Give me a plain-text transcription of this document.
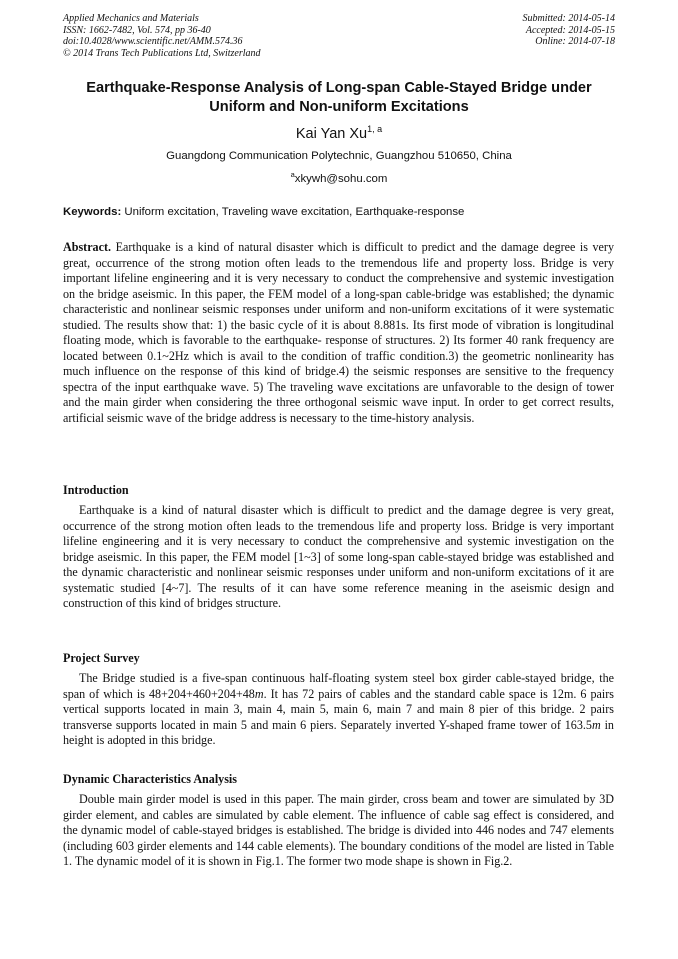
Applied Mechanics and Materials
ISSN: 1662-7482, Vol. 574, pp 36-40
doi:10.4028/www.scientific.net/AMM.574.36
© 2014 Trans Tech Publications Ltd, Switzerland
Submitted: 2014-05-14
Accepted: 2014-05-15
Online: 2014-07-18
Earthquake-Response Analysis of Long-span Cable-Stayed Bridge under Uniform and Non-uniform Excitations
Kai Yan Xu$^{1, a}$
Guangdong Communication Polytechnic, Guangzhou 510650, China
$^a$xkywh@sohu.com
Keywords: Uniform excitation, Traveling wave excitation, Earthquake-response
Abstract. Earthquake is a kind of natural disaster which is difficult to predict and the damage degree is very great, occurrence of the strong motion often leads to the tremendous life and property loss. Bridge is very important lifeline engineering and it is very necessary to conduct the comprehensive and systemic investigation on the bridge aseismic. In this paper, the FEM model of a long-span cable-bridge was established; the dynamic characteristic and nonlinear seismic responses under uniform and non-uniform excitations of it were systematic studied. The results show that: 1) the basic cycle of it is about 8.881s. Its first mode of vibration is longitudinal floating mode, which is favorable to the earthquake- response of structures. 2) Its former 40 rank frequency are located between 0.1~2Hz which is avail to the condition of traffic condition.3) the geometric nonlinearity has much influence on the response of this kind of bridge.4) the seismic responses are sensitive to the frequency spectra of the input earthquake wave. 5) The traveling wave excitations are unfavorable to the design of tower and the main girder when considering the three orthogonal seismic wave input. In order to get correct results, artificial seismic wave of the bridge address is necessary to the time-history analysis.
Introduction
Earthquake is a kind of natural disaster which is difficult to predict and the damage degree is very great, occurrence of the strong motion often leads to the tremendous life and property loss. Bridge is very important lifeline engineering and it is very necessary to conduct the comprehensive and systemic investigation on the bridge aseismic. In this paper, the FEM model [1~3] of some long-span cable-stayed bridge was established and the dynamic characteristic and nonlinear seismic responses under uniform and non-uniform excitations of it are systematic studied [4~7]. The results of it can have some reference meaning in the aseismic design and construction of this kind of bridges structure.
Project Survey
The Bridge studied is a five-span continuous half-floating system steel box girder cable-stayed bridge, the span of which is 48+204+460+204+48m. It has 72 pairs of cables and the standard cable space is 12m. 6 pairs vertical supports located in main 3, main 4, main 5, main 6, main 7 and main 8 pier of this bridge. 2 pairs transverse supports located in main 5 and main 6 piers. Separately inverted Y-shaped frame tower of 163.5m in height is adopted in this bridge.
Dynamic Characteristics Analysis
Double main girder model is used in this paper. The main girder, cross beam and tower are simulated by 3D girder element, and cables are simulated by cable element. The influence of cable sag effect is considered, and the dynamic model of cable-stayed bridges is established. The bridge is divided into 446 nodes and 747 elements (including 603 girder elements and 144 cable elements). The boundary conditions of the model are listed in Table 1. The dynamic model of it is shown in Fig.1. The former two mode shape is shown in Fig.2.
